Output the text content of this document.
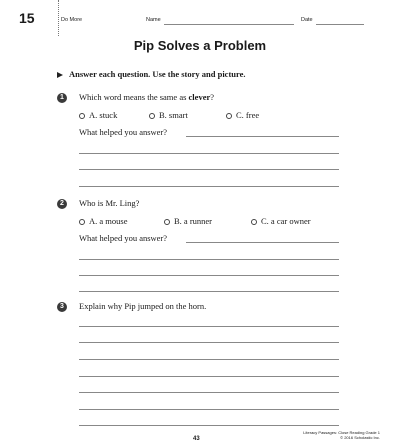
15	Do More	Name	Date
Pip Solves a Problem
Answer each question. Use the story and picture.
1	Which word means the same as clever?
A. stuck	B. smart	C. free
What helped you answer?
2	Who is Mr. Ling?
A. a mouse	B. a runner	C. a car owner
What helped you answer?
3	Explain why Pip jumped on the horn.
43
Literacy Passages: Close Reading Grade 1
© 2016 Scholastic Inc.
